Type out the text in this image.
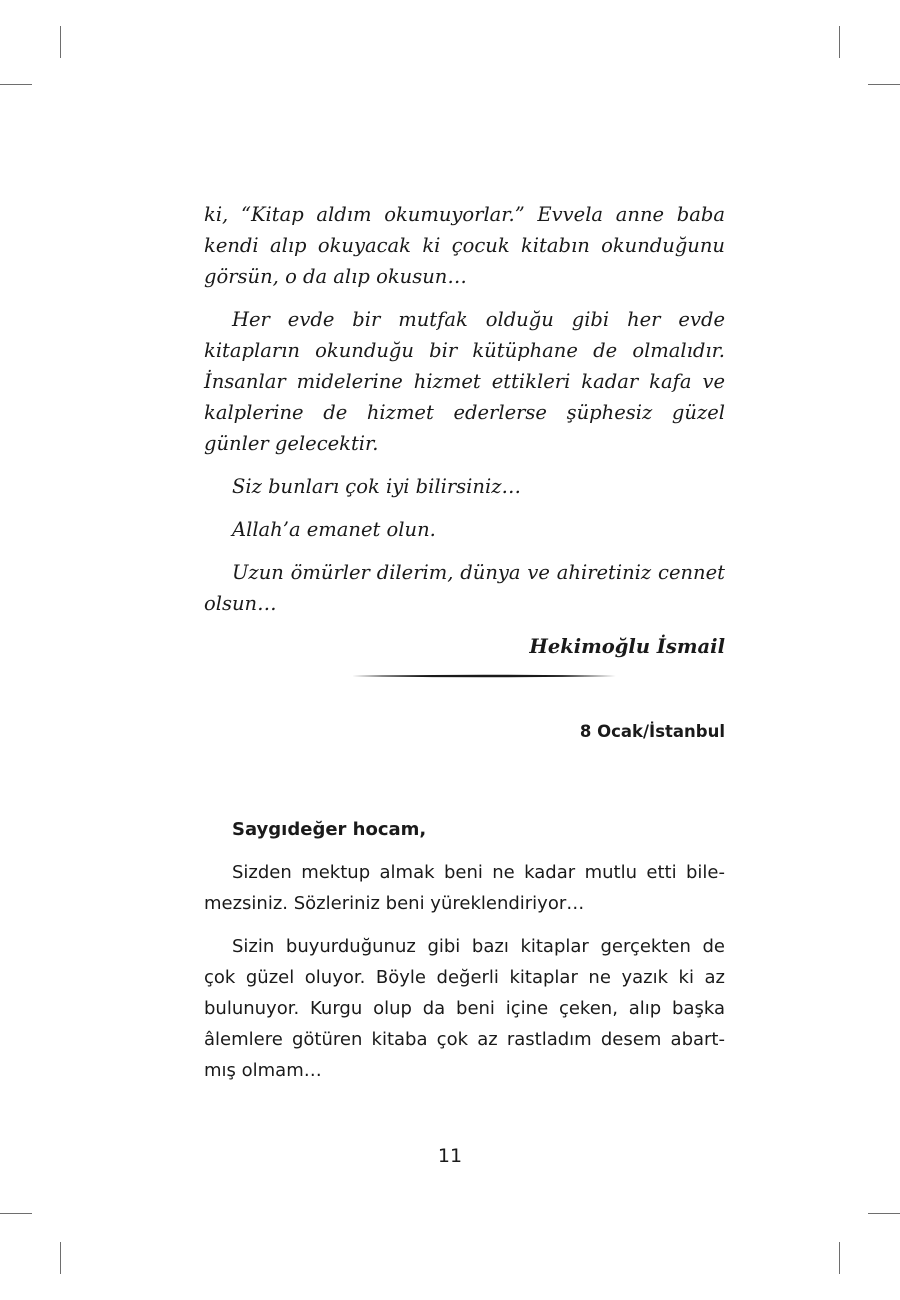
ki, “Kitap aldım okumuyorlar.” Evvela anne baba kendi alıp okuyacak ki çocuk kitabın okunduğunu görsün, o da alıp okusun…

Her evde bir mutfak olduğu gibi her evde kitapların okunduğu bir kütüphane de olmalıdır. İnsanlar midelerine hizmet ettikleri kadar kafa ve kalplerine de hizmet ederlerse şüphesiz güzel günler gelecektir.

Siz bunları çok iyi bilirsiniz…

Allah’a emanet olun.

Uzun ömürler dilerim, dünya ve ahiretiniz cennet olsun…

Hekimoğlu İsmail

8 Ocak/İstanbul

Saygıdeğer hocam,

Sizden mektup almak beni ne kadar mutlu etti bilemezsiniz. Sözleriniz beni yüreklendiriyor…

Sizin buyurduğunuz gibi bazı kitaplar gerçekten de çok güzel oluyor. Böyle değerli kitaplar ne yazık ki az bulunuyor. Kurgu olup da beni içine çeken, alıp başka âlemlere götüren kitaba çok az rastladım desem abartmış olmam…

11
